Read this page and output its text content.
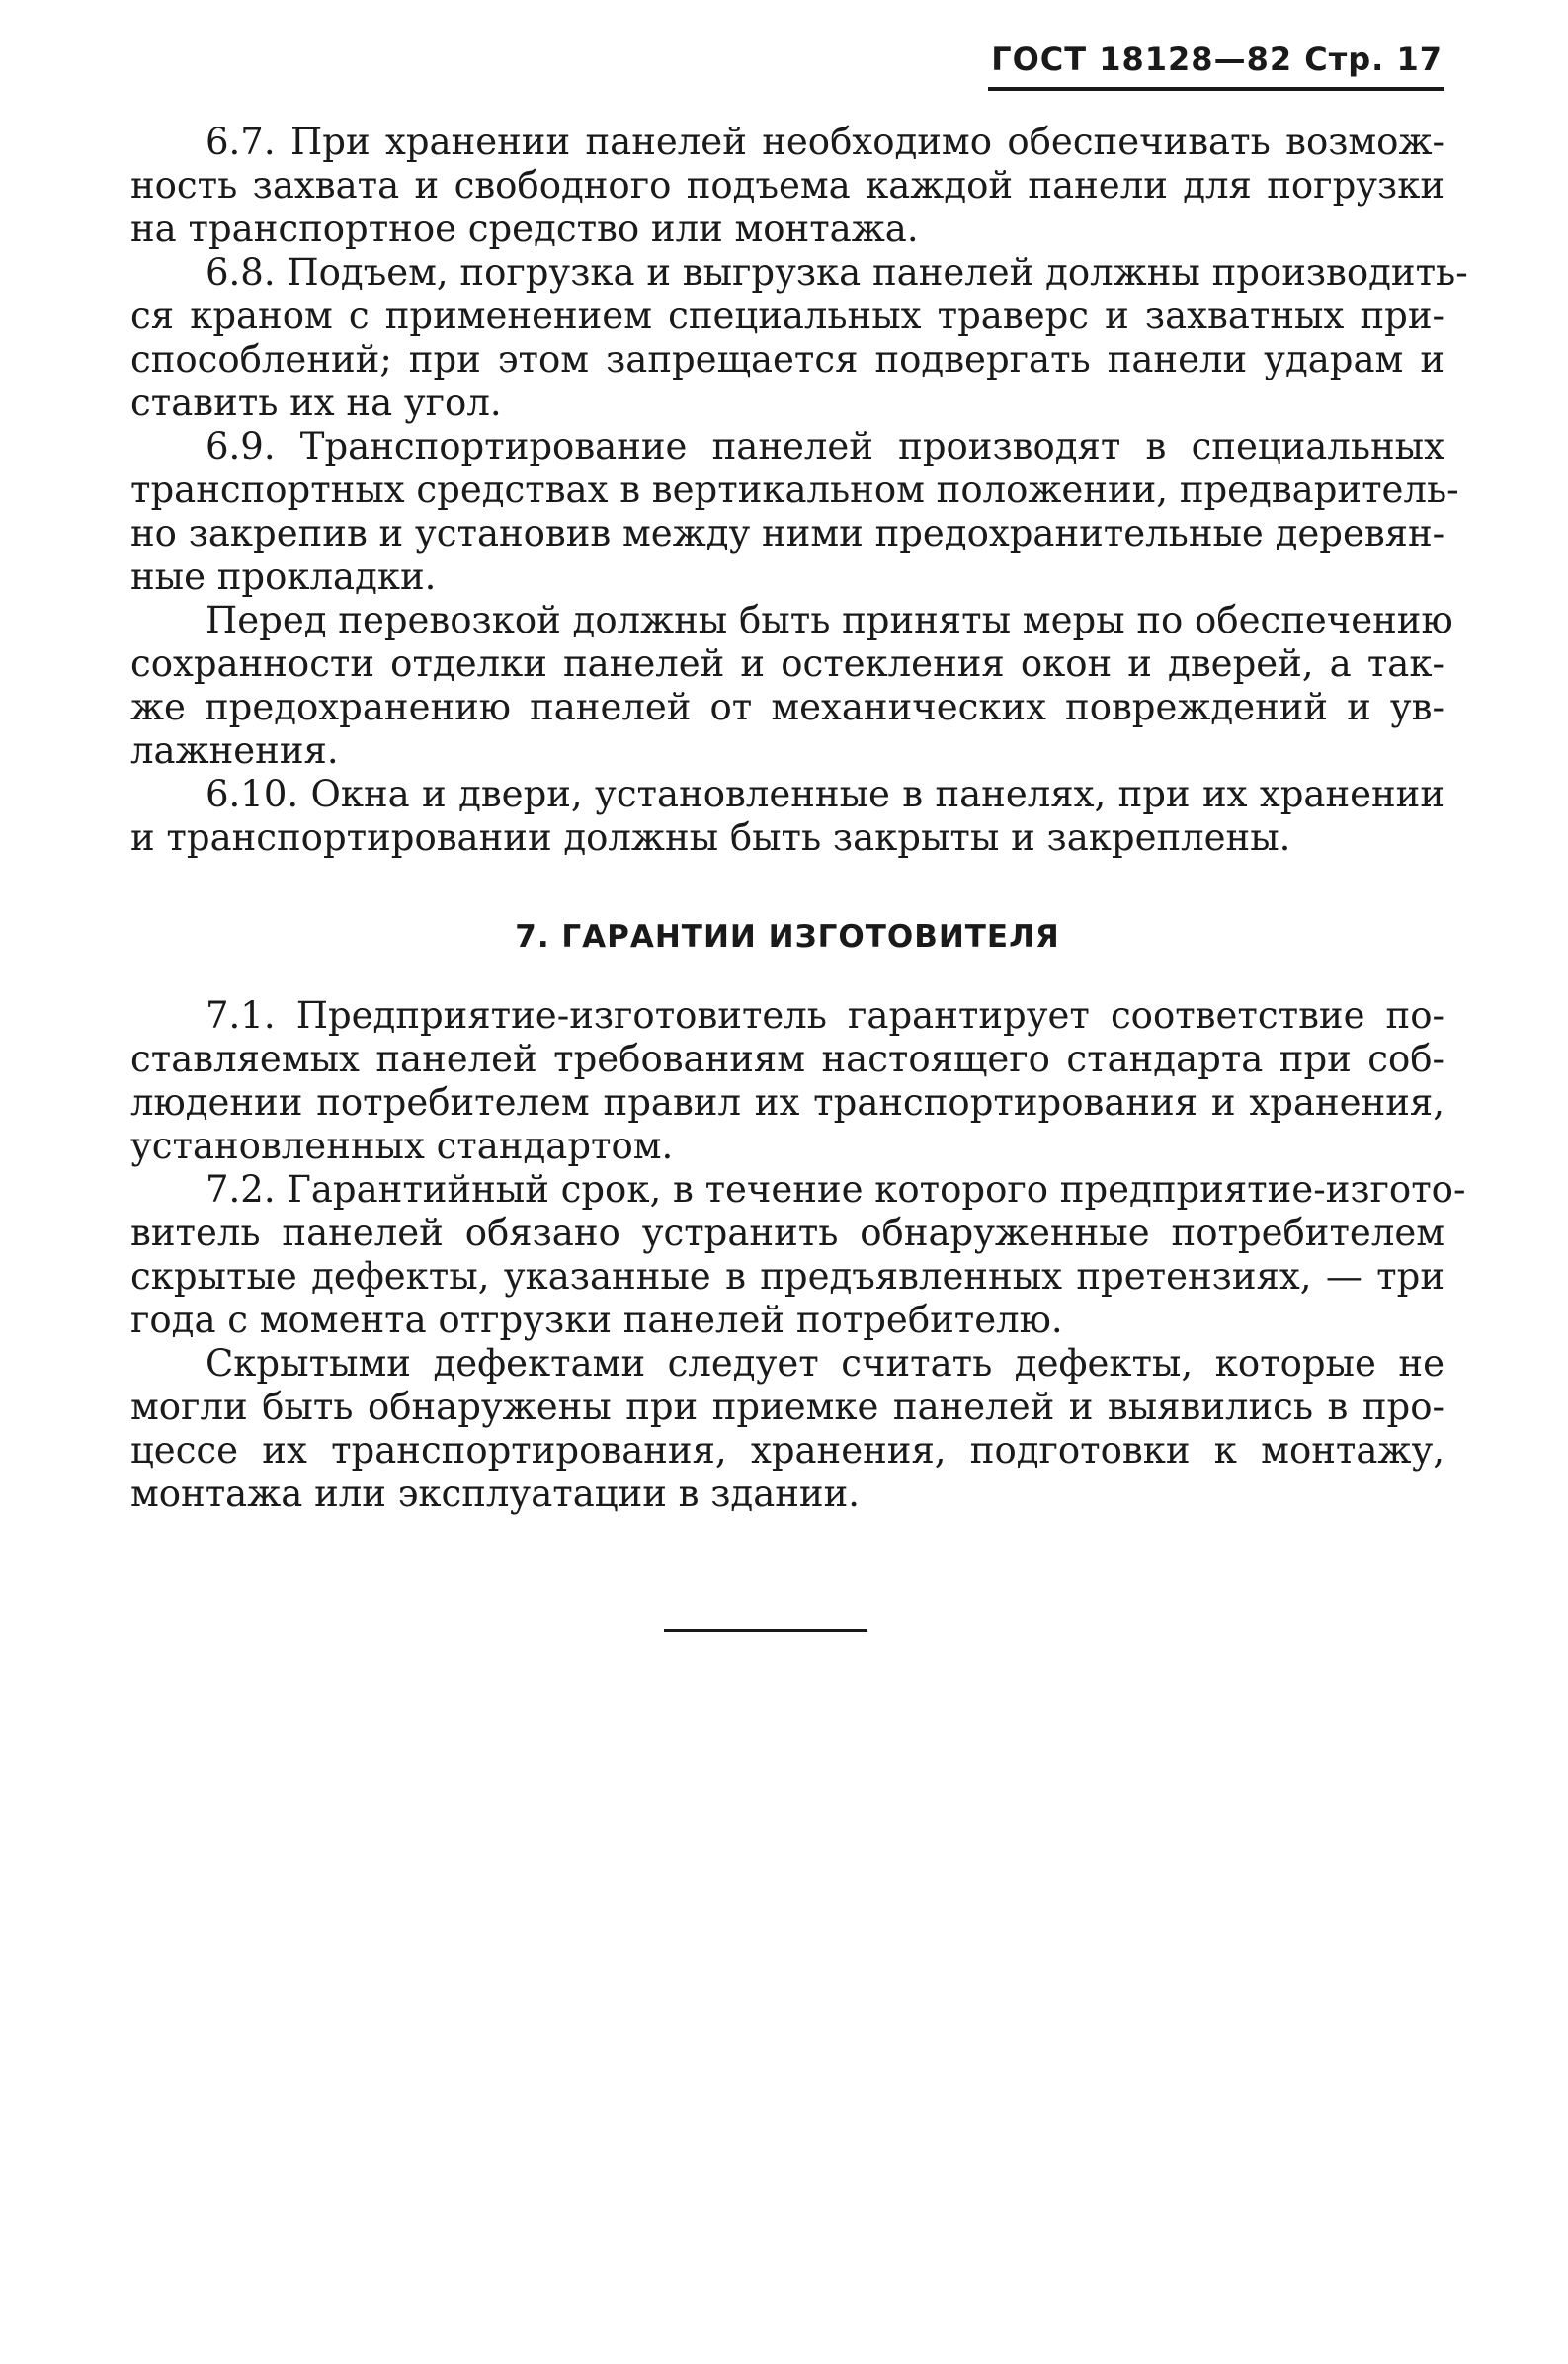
ГОСТ 18128—82 Стр. 17

6.7. При хранении панелей необходимо обеспечивать возмож-
ность захвата и свободного подъема каждой панели для погрузки
на транспортное средство или монтажа.

6.8. Подъем, погрузка и выгрузка панелей должны производить-
ся краном с применением специальных траверс и захватных при-
способлений; при этом запрещается подвергать панели ударам и
ставить их на угол.

6.9. Транспортирование панелей производят в специальных
транспортных средствах в вертикальном положении, предваритель-
но закрепив и установив между ними предохранительные деревян-
ные прокладки.

Перед перевозкой должны быть приняты меры по обеспечению
сохранности отделки панелей и остекления окон и дверей, а так-
же предохранению панелей от механических повреждений и ув-
лажнения.

6.10. Окна и двери, установленные в панелях, при их хранении
и транспортировании должны быть закрыты и закреплены.

7. ГАРАНТИИ ИЗГОТОВИТЕЛЯ

7.1. Предприятие-изготовитель гарантирует соответствие по-
ставляемых панелей требованиям настоящего стандарта при соб-
людении потребителем правил их транспортирования и хранения,
установленных стандартом.

7.2. Гарантийный срок, в течение которого предприятие-изгото-
витель панелей обязано устранить обнаруженные потребителем
скрытые дефекты, указанные в предъявленных претензиях, — три
года с момента отгрузки панелей потребителю.

Скрытыми дефектами следует считать дефекты, которые не
могли быть обнаружены при приемке панелей и выявились в про-
цессе их транспортирования, хранения, подготовки к монтажу,
монтажа или эксплуатации в здании.
